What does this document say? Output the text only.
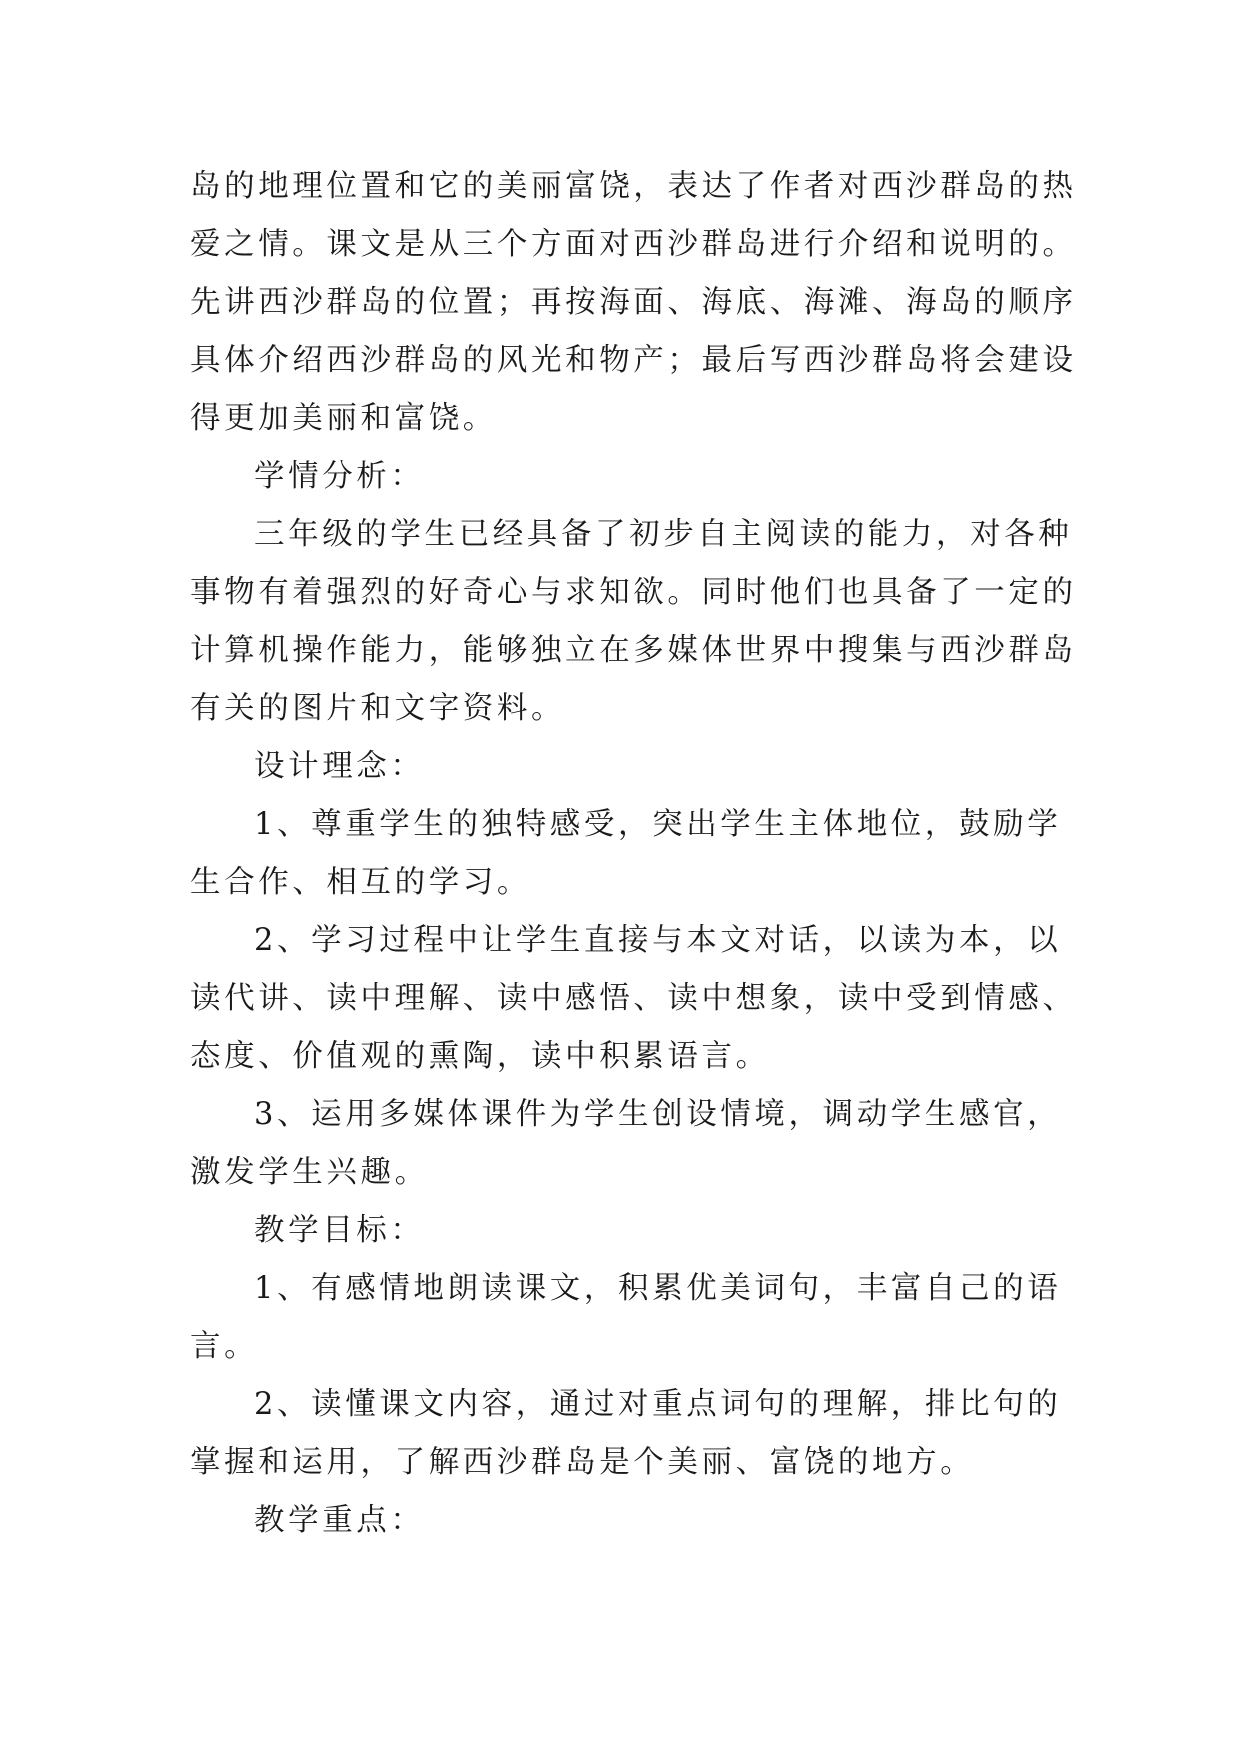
岛的地理位置和它的美丽富饶，表达了作者对西沙群岛的热
爱之情。课文是从三个方面对西沙群岛进行介绍和说明的。
先讲西沙群岛的位置；再按海面、海底、海滩、海岛的顺序
具体介绍西沙群岛的风光和物产；最后写西沙群岛将会建设
得更加美丽和富饶。
学情分析：
三年级的学生已经具备了初步自主阅读的能力，对各种
事物有着强烈的好奇心与求知欲。同时他们也具备了一定的
计算机操作能力，能够独立在多媒体世界中搜集与西沙群岛
有关的图片和文字资料。
设计理念：
1、尊重学生的独特感受，突出学生主体地位，鼓励学
生合作、相互的学习。
2、学习过程中让学生直接与本文对话，以读为本，以
读代讲、读中理解、读中感悟、读中想象，读中受到情感、
态度、价值观的熏陶，读中积累语言。
3、运用多媒体课件为学生创设情境，调动学生感官，
激发学生兴趣。
教学目标：
1、有感情地朗读课文，积累优美词句，丰富自己的语
言。
2、读懂课文内容，通过对重点词句的理解，排比句的
掌握和运用，了解西沙群岛是个美丽、富饶的地方。
教学重点：
